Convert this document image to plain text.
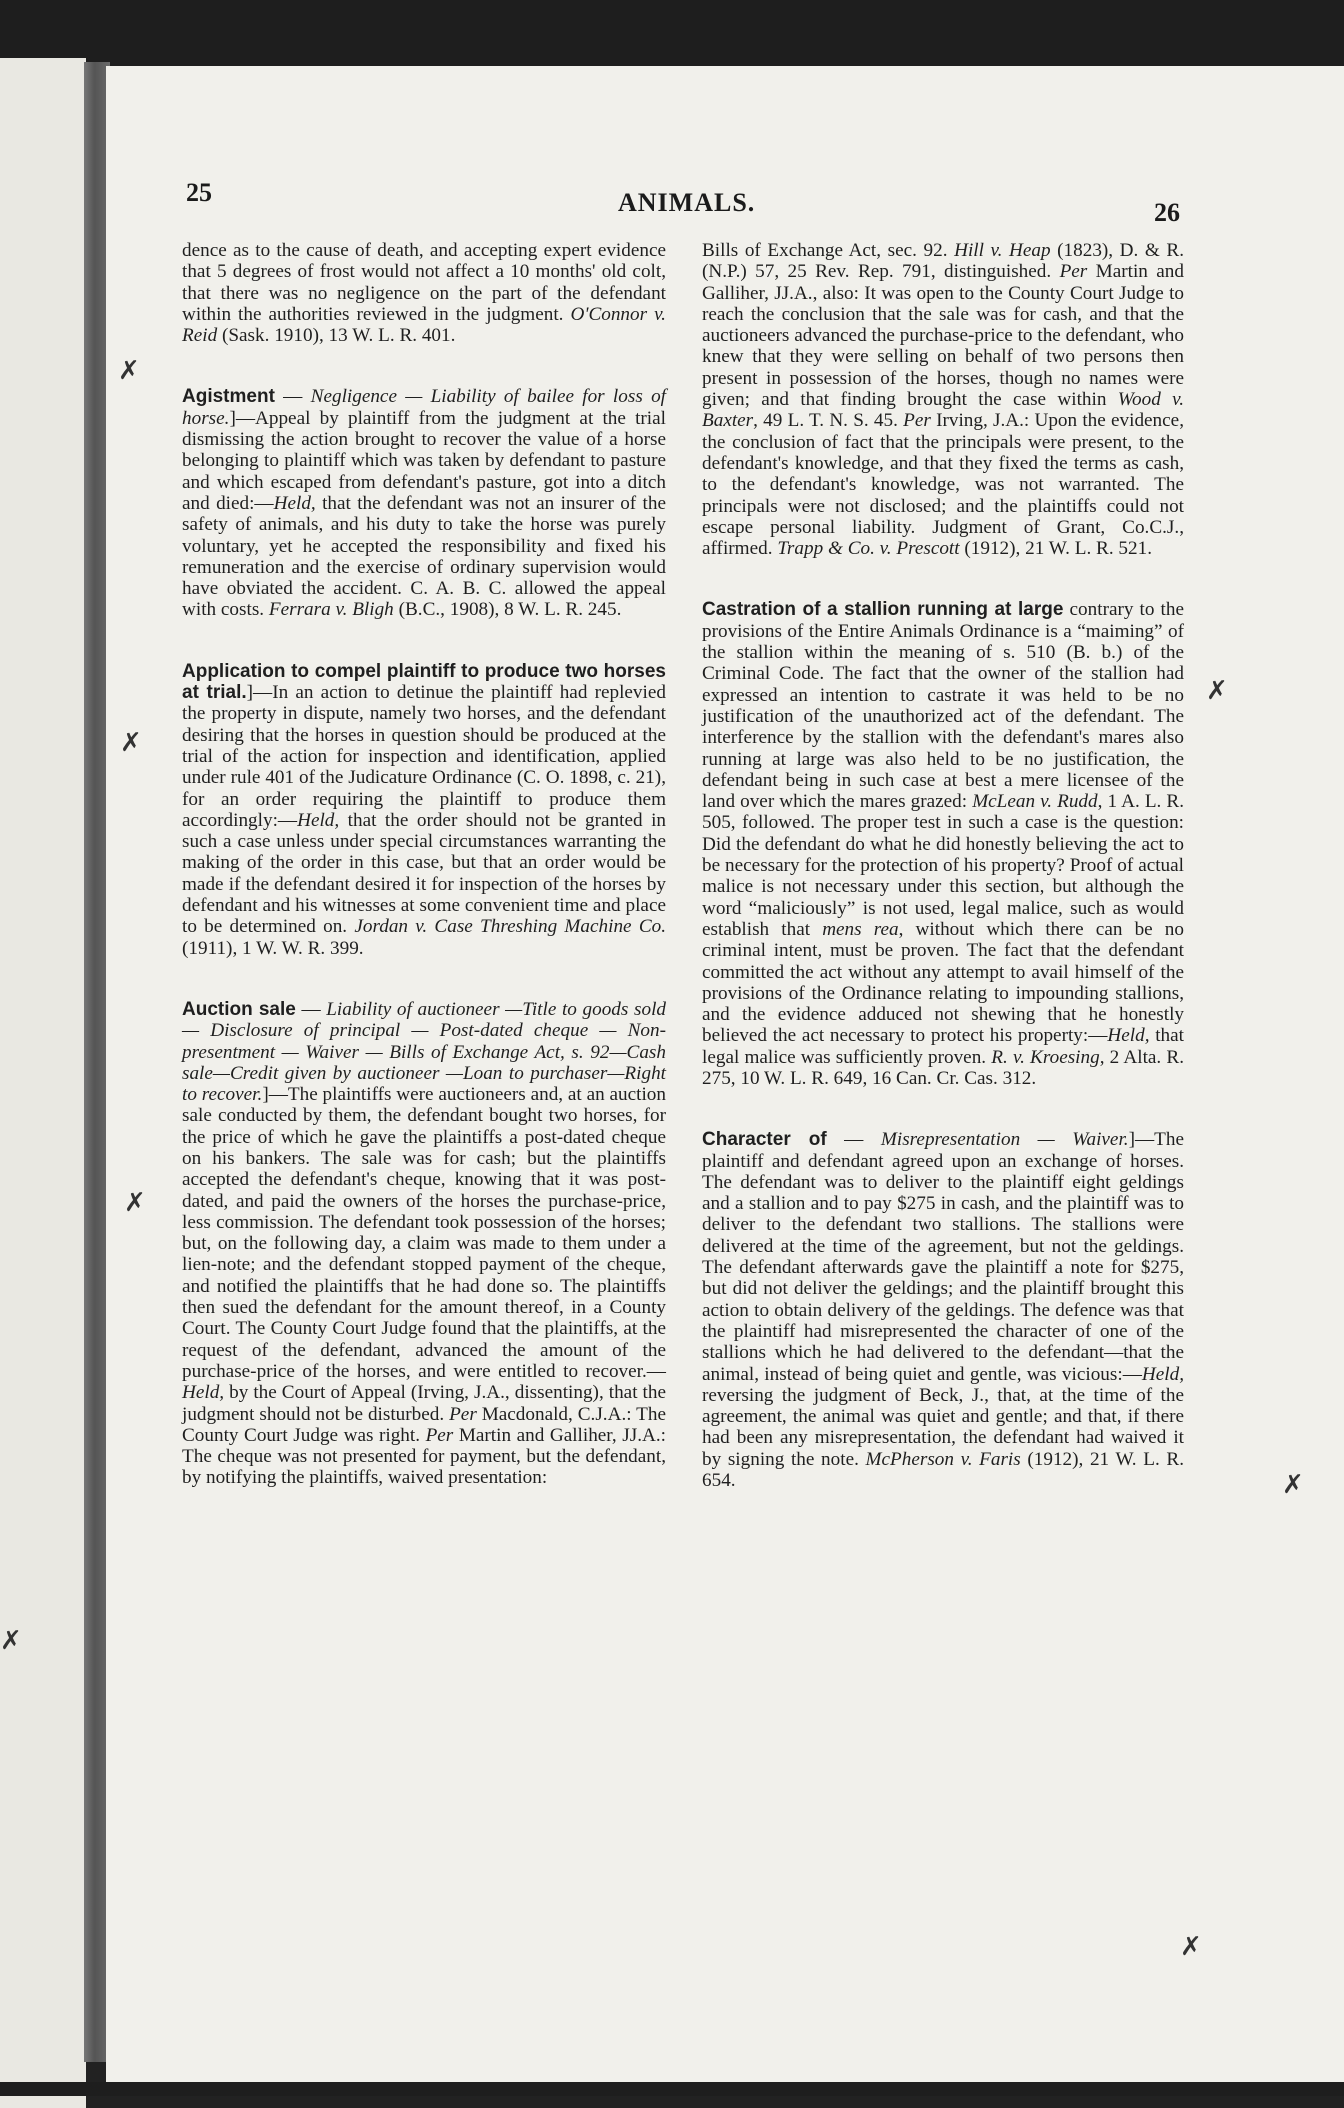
25	ANIMALS.	26

dence as to the cause of death, and accepting expert evidence that 5 degrees of frost would not affect a 10 months' old colt, that there was no negligence on the part of the defendant within the authorities reviewed in the judgment. O'Connor v. Reid (Sask. 1910), 13 W. L. R. 401.

Agistment — Negligence — Liability of bailee for loss of horse.]—Appeal by plaintiff from the judgment at the trial dismissing the action brought to recover the value of a horse belonging to plaintiff which was taken by defendant to pasture and which escaped from defendant's pasture, got into a ditch and died:—Held, that the defendant was not an insurer of the safety of animals, and his duty to take the horse was purely voluntary, yet he accepted the responsibility and fixed his remuneration and the exercise of ordinary supervision would have obviated the accident. C. A. B. C. allowed the appeal with costs. Ferrara v. Bligh (B.C., 1908), 8 W. L. R. 245.

Application to compel plaintiff to produce two horses at trial.]—In an action to detinue the plaintiff had replevied the property in dispute, namely two horses, and the defendant desiring that the horses in question should be produced at the trial of the action for inspection and identification, applied under rule 401 of the Judicature Ordinance (C. O. 1898, c. 21), for an order requiring the plaintiff to produce them accordingly:—Held, that the order should not be granted in such a case unless under special circumstances warranting the making of the order in this case, but that an order would be made if the defendant desired it for inspection of the horses by defendant and his witnesses at some convenient time and place to be determined on. Jordan v. Case Threshing Machine Co. (1911), 1 W. W. R. 399.

Auction sale — Liability of auctioneer —Title to goods sold — Disclosure of principal — Post-dated cheque — Non-presentment — Waiver — Bills of Exchange Act, s. 92—Cash sale—Credit given by auctioneer —Loan to purchaser—Right to recover.]—The plaintiffs were auctioneers and, at an auction sale conducted by them, the defendant bought two horses, for the price of which he gave the plaintiffs a post-dated cheque on his bankers. The sale was for cash; but the plaintiffs accepted the defendant's cheque, knowing that it was post-dated, and paid the owners of the horses the purchase-price, less commission. The defendant took possession of the horses; but, on the following day, a claim was made to them under a lien-note; and the defendant stopped payment of the cheque, and notified the plaintiffs that he had done so. The plaintiffs then sued the defendant for the amount thereof, in a County Court. The County Court Judge found that the plaintiffs, at the request of the defendant, advanced the amount of the purchase-price of the horses, and were entitled to recover.—Held, by the Court of Appeal (Irving, J.A., dissenting), that the judgment should not be disturbed. Per Macdonald, C.J.A.: The County Court Judge was right. Per Martin and Galliher, JJ.A.: The cheque was not presented for payment, but the defendant, by notifying the plaintiffs, waived presentation:

Bills of Exchange Act, sec. 92. Hill v. Heap (1823), D. & R. (N.P.) 57, 25 Rev. Rep. 791, distinguished. Per Martin and Galliher, JJ.A., also: It was open to the County Court Judge to reach the conclusion that the sale was for cash, and that the auctioneers advanced the purchase-price to the defendant, who knew that they were selling on behalf of two persons then present in possession of the horses, though no names were given; and that finding brought the case within Wood v. Baxter, 49 L. T. N. S. 45. Per Irving, J.A.: Upon the evidence, the conclusion of fact that the principals were present, to the defendant's knowledge, and that they fixed the terms as cash, to the defendant's knowledge, was not warranted. The principals were not disclosed; and the plaintiffs could not escape personal liability. Judgment of Grant, Co.C.J., affirmed. Trapp & Co. v. Prescott (1912), 21 W. L. R. 521.

Castration of a stallion running at large contrary to the provisions of the Entire Animals Ordinance is a “maiming” of the stallion within the meaning of s. 510 (B. b.) of the Criminal Code. The fact that the owner of the stallion had expressed an intention to castrate it was held to be no justification of the unauthorized act of the defendant. The interference by the stallion with the defendant's mares also running at large was also held to be no justification, the defendant being in such case at best a mere licensee of the land over which the mares grazed: McLean v. Rudd, 1 A. L. R. 505, followed. The proper test in such a case is the question: Did the defendant do what he did honestly believing the act to be necessary for the protection of his property? Proof of actual malice is not necessary under this section, but although the word “maliciously” is not used, legal malice, such as would establish that mens rea, without which there can be no criminal intent, must be proven. The fact that the defendant committed the act without any attempt to avail himself of the provisions of the Ordinance relating to impounding stallions, and the evidence adduced not shewing that he honestly believed the act necessary to protect his property:—Held, that legal malice was sufficiently proven. R. v. Kroesing, 2 Alta. R. 275, 10 W. L. R. 649, 16 Can. Cr. Cas. 312.

Character of — Misrepresentation — Waiver.]—The plaintiff and defendant agreed upon an exchange of horses. The defendant was to deliver to the plaintiff eight geldings and a stallion and to pay $275 in cash, and the plaintiff was to deliver to the defendant two stallions. The stallions were delivered at the time of the agreement, but not the geldings. The defendant afterwards gave the plaintiff a note for $275, but did not deliver the geldings; and the plaintiff brought this action to obtain delivery of the geldings. The defence was that the plaintiff had misrepresented the character of one of the stallions which he had delivered to the defendant—that the animal, instead of being quiet and gentle, was vicious:—Held, reversing the judgment of Beck, J., that, at the time of the agreement, the animal was quiet and gentle; and that, if there had been any misrepresentation, the defendant had waived it by signing the note. McPherson v. Faris (1912), 21 W. L. R. 654.

✗
✗
✗
✗
✗
✗
✗
